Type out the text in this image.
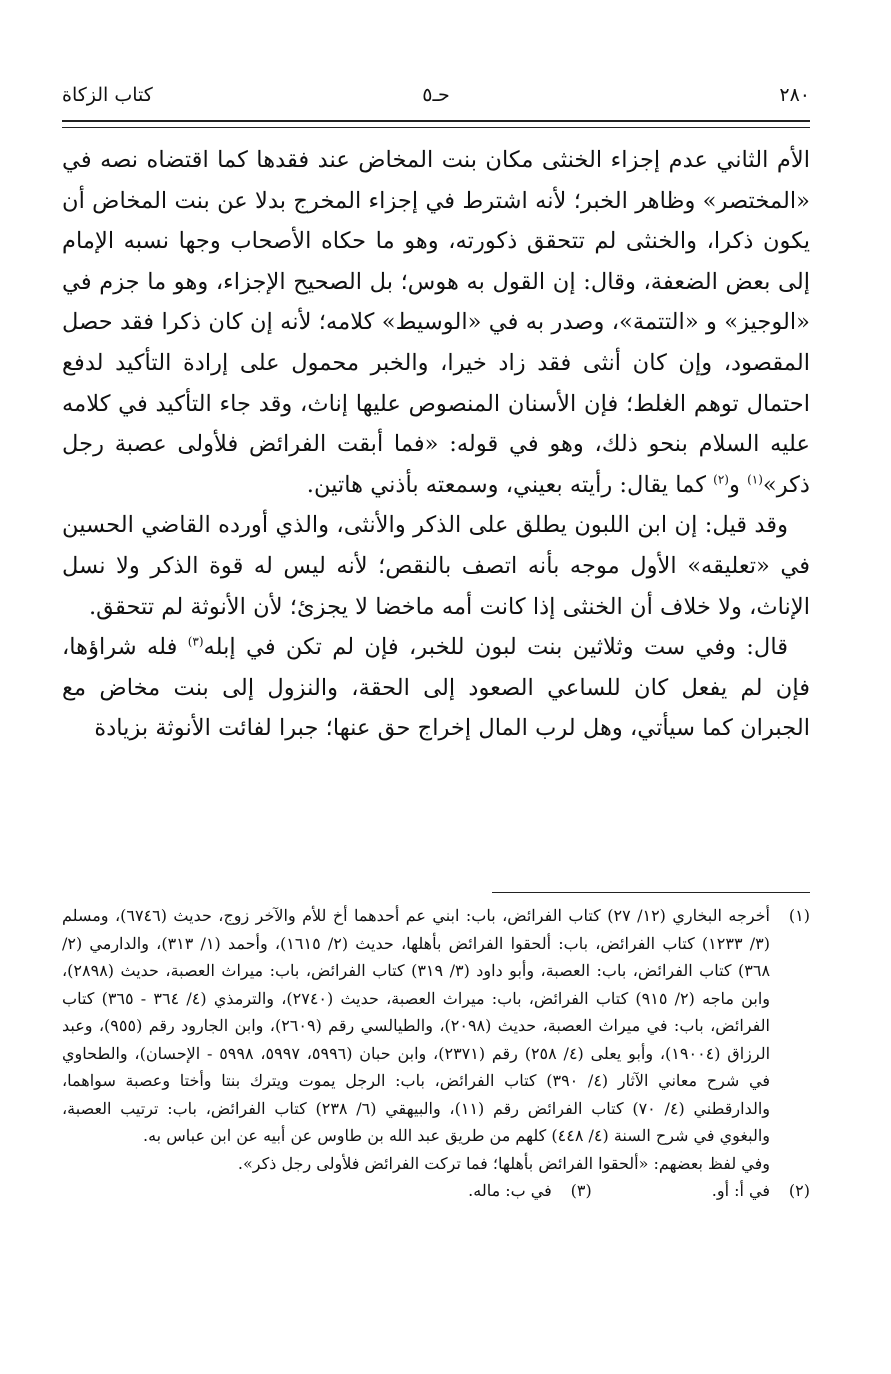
٢٨٠
حـ٥
كتاب الزكاة

الأم الثاني عدم إجزاء الخنثى مكان بنت المخاض عند فقدها كما اقتضاه نصه في «المختصر» وظاهر الخبر؛ لأنه اشترط في إجزاء المخرج بدلا عن بنت المخاض أن يكون ذكرا، والخنثى لم تتحقق ذكورته، وهو ما حكاه الأصحاب وجها نسبه الإمام إلى بعض الضعفة، وقال: إن القول به هوس؛ بل الصحيح الإجزاء، وهو ما جزم في «الوجيز» و «التتمة»، وصدر به في «الوسيط» كلامه؛ لأنه إن كان ذكرا فقد حصل المقصود، وإن كان أنثى فقد زاد خيرا، والخبر محمول على إرادة التأكيد لدفع احتمال توهم الغلط؛ فإن الأسنان المنصوص عليها إناث، وقد جاء التأكيد في كلامه عليه السلام بنحو ذلك، وهو في قوله: «فما أبقت الفرائض فلأولى عصبة رجل ذكر»$^{(١)}$ و$^{(٢)}$ كما يقال: رأيته بعيني، وسمعته بأذني هاتين.

وقد قيل: إن ابن اللبون يطلق على الذكر والأنثى، والذي أورده القاضي الحسين في «تعليقه» الأول موجه بأنه اتصف بالنقص؛ لأنه ليس له قوة الذكر ولا نسل الإناث، ولا خلاف أن الخنثى إذا كانت أمه ماخضا لا يجزئ؛ لأن الأنوثة لم تتحقق.

قال: وفي ست وثلاثين بنت لبون للخبر، فإن لم تكن في إبله$^{(٣)}$ فله شراؤها، فإن لم يفعل كان للساعي الصعود إلى الحقة، والنزول إلى بنت مخاض مع الجبران كما سيأتي، وهل لرب المال إخراج حق عنها؛ جبرا لفائت الأنوثة بزيادة

(١)
أخرجه البخاري (١٢/ ٢٧) كتاب الفرائض، باب: ابني عم أحدهما أخ للأم والآخر زوج، حديث (٦٧٤٦)، ومسلم (٣/ ١٢٣٣) كتاب الفرائض، باب: ألحقوا الفرائض بأهلها، حديث (٢/ ١٦١٥)، وأحمد (١/ ٣١٣)، والدارمي (٢/ ٣٦٨) كتاب الفرائض، باب: العصبة، وأبو داود (٣/ ٣١٩) كتاب الفرائض، باب: ميراث العصبة، حديث (٢٨٩٨)، وابن ماجه (٢/ ٩١٥) كتاب الفرائض، باب: ميراث العصبة، حديث (٢٧٤٠)، والترمذي (٤/ ٣٦٤ - ٣٦٥) كتاب الفرائض، باب: في ميراث العصبة، حديث (٢٠٩٨)، والطيالسي رقم (٢٦٠٩)، وابن الجارود رقم (٩٥٥)، وعبد الرزاق (١٩٠٠٤)، وأبو يعلى (٤/ ٢٥٨) رقم (٢٣٧١)، وابن حبان (٥٩٩٦، ٥٩٩٧، ٥٩٩٨ - الإحسان)، والطحاوي في شرح معاني الآثار (٤/ ٣٩٠) كتاب الفرائض، باب: الرجل يموت ويترك بنتا وأختا وعصبة سواهما، والدارقطني (٤/ ٧٠) كتاب الفرائض رقم (١١)، والبيهقي (٦/ ٢٣٨) كتاب الفرائض، باب: ترتيب العصبة، والبغوي في شرح السنة (٤/ ٤٤٨) كلهم من طريق عبد الله بن طاوس عن أبيه عن ابن عباس به.

وفي لفظ بعضهم: «ألحقوا الفرائض بأهلها؛ فما تركت الفرائض فلأولى رجل ذكر».

(٢)في أ: أو.
(٣)في ب: ماله.
